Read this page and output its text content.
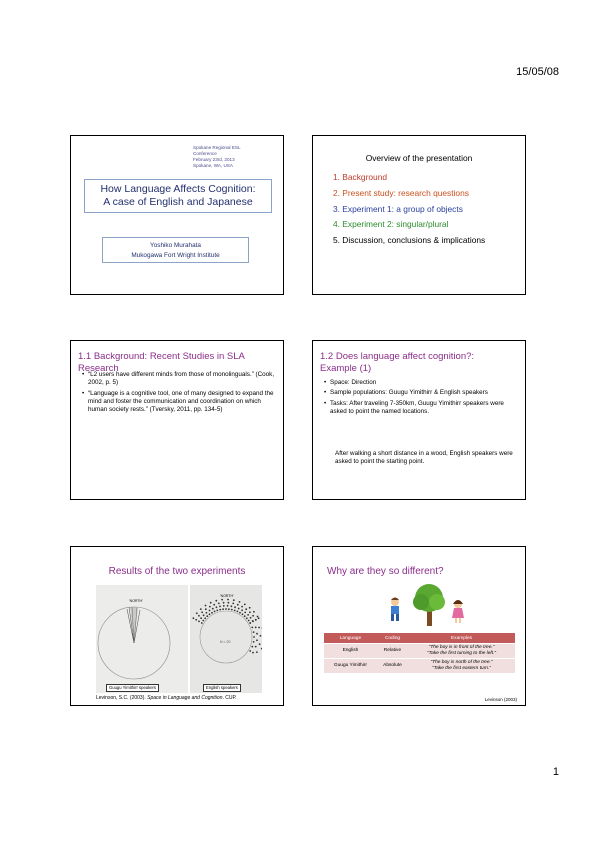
15/05/08
Spokane Regional ESL
Conference
February 23rd, 2013
Spokane, WA, USA
How Language Affects Cognition:
A case of English and Japanese
Yoshiko Murahata
Mukogawa Fort Wright Institute
Overview of the presentation
1. Background
2. Present study: research questions
3. Experiment 1: a group of objects
4. Experiment 2: singular/plural
5. Discussion, conclusions & implications
1.1 Background: Recent Studies in SLA
Research
• “L2 users have different minds from those of monolinguals.” (Cook, 2002, p. 5)
• “Language is a cognitive tool, one of many designed to expand the mind and foster the communication and coordination on which human society rests.” (Tversky, 2011, pp. 134-5)
1.2 Does language affect cognition?:
Example (1)
• Space: Direction
• Sample populations: Guugu Yimithirr & English speakers
• Tasks: After traveling 7-350km, Guugu Yimithirr speakers were asked to point the named locations.
After walking a short distance in a wood, English speakers were asked to point the starting point.
Results of the two experiments
'NORTH'
'NORTH'
N = 20
Guugu Yimithirr speakers	English speakers
Levinson, S.C. (2003). Space in Language and Cognition. CUP.
Why are they so different?
Language	Coding	Examples
English	Relative	“The boy is in front of the tree.”
“Take the first turning to the left.”

Guugu Yimithirr	Absolute	“The boy is north of the tree.”
“Take the first eastern turn.”
Levinson (2003)
1
